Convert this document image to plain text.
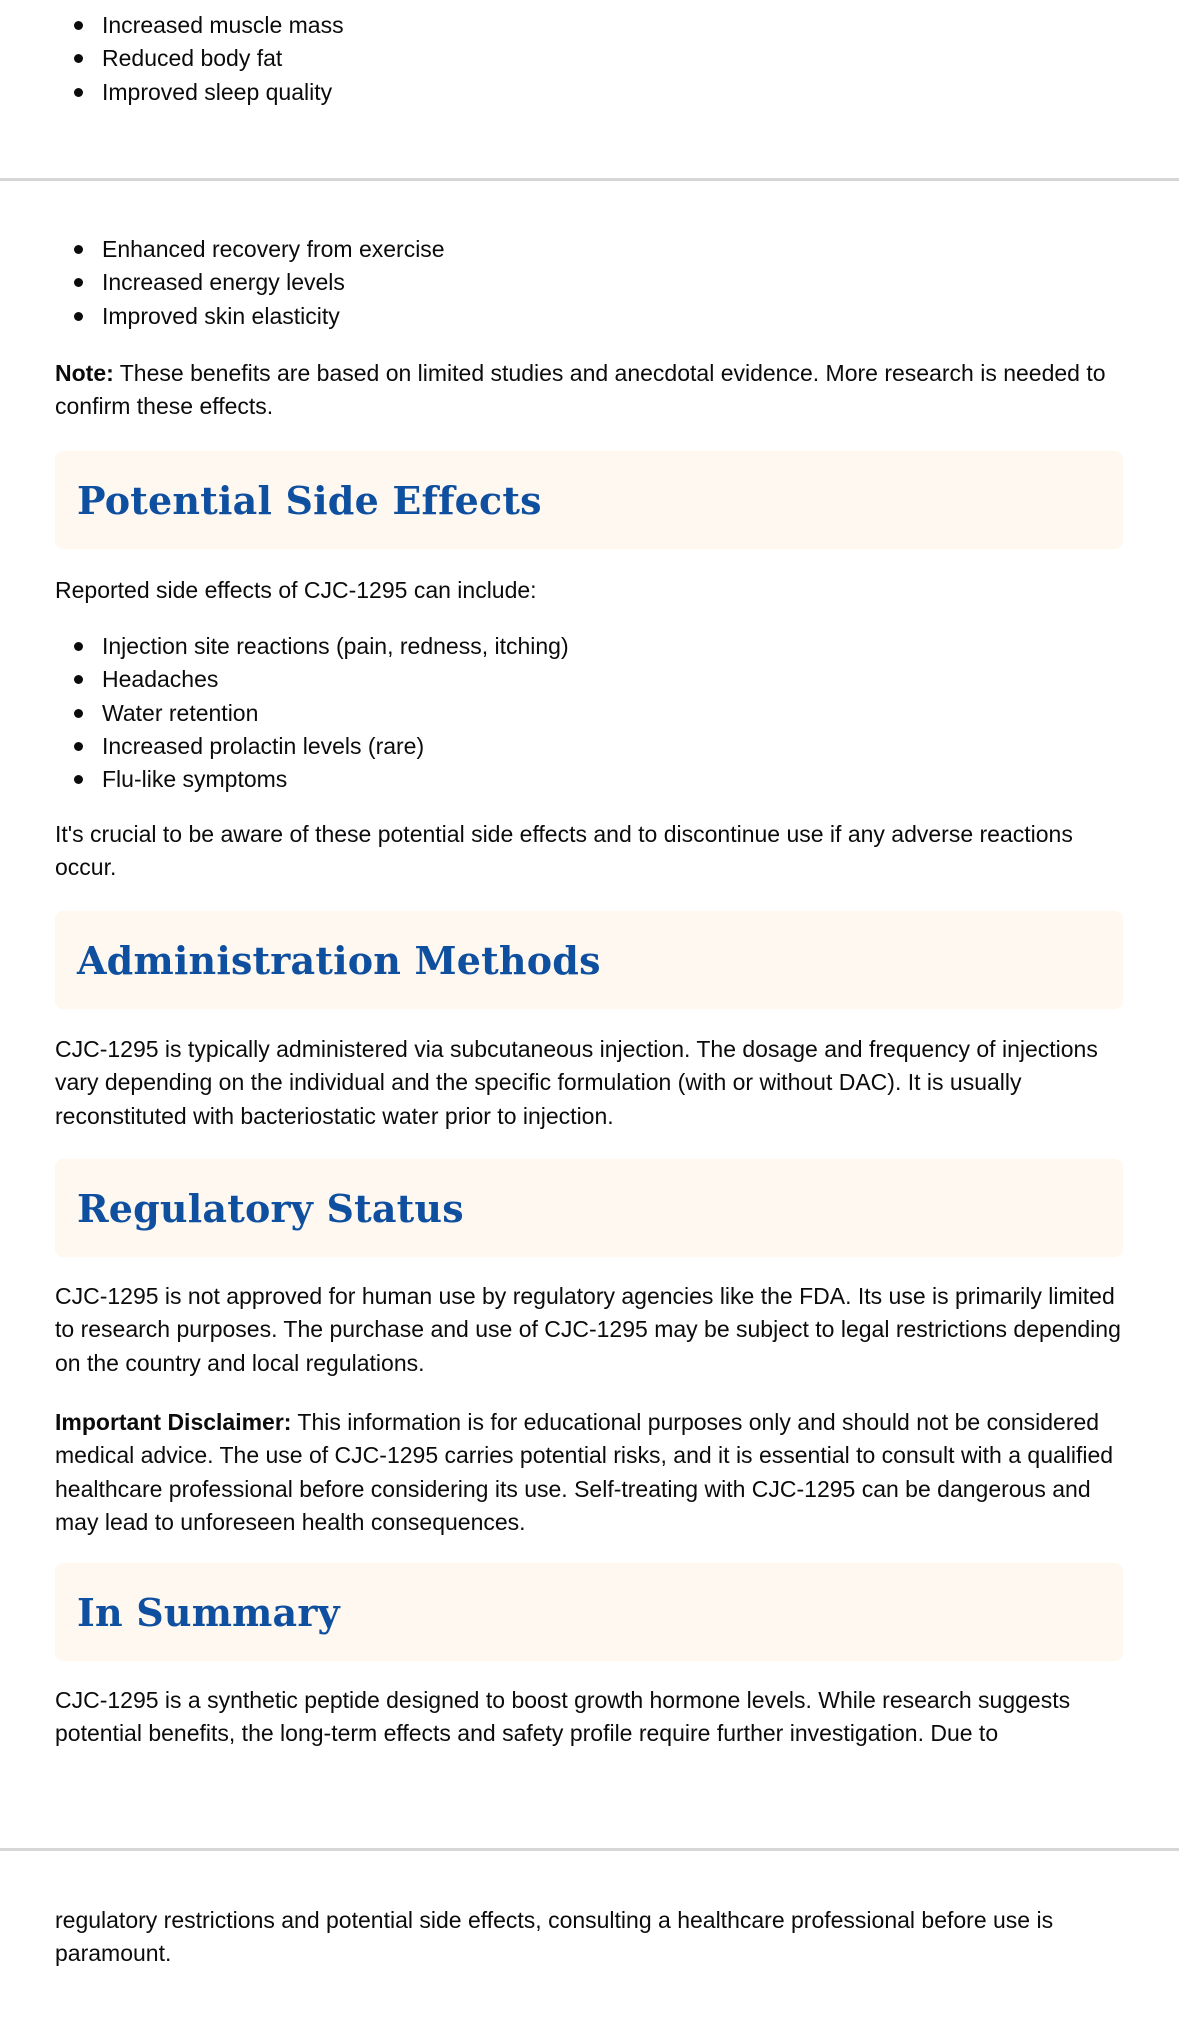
Increased muscle mass
Reduced body fat
Improved sleep quality
Enhanced recovery from exercise
Increased energy levels
Improved skin elasticity

Note: These benefits are based on limited studies and anecdotal evidence. More research is needed to confirm these effects.

Potential Side Effects

Reported side effects of CJC-1295 can include:

Injection site reactions (pain, redness, itching)
Headaches
Water retention
Increased prolactin levels (rare)
Flu-like symptoms

It's crucial to be aware of these potential side effects and to discontinue use if any adverse reactions occur.

Administration Methods

CJC-1295 is typically administered via subcutaneous injection. The dosage and frequency of injections vary depending on the individual and the specific formulation (with or without DAC). It is usually reconstituted with bacteriostatic water prior to injection.

Regulatory Status

CJC-1295 is not approved for human use by regulatory agencies like the FDA. Its use is primarily limited to research purposes. The purchase and use of CJC-1295 may be subject to legal restrictions depending on the country and local regulations.

Important Disclaimer: This information is for educational purposes only and should not be considered medical advice. The use of CJC-1295 carries potential risks, and it is essential to consult with a qualified healthcare professional before considering its use. Self-treating with CJC-1295 can be dangerous and may lead to unforeseen health consequences.

In Summary

CJC-1295 is a synthetic peptide designed to boost growth hormone levels. While research suggests potential benefits, the long-term effects and safety profile require further investigation. Due to

regulatory restrictions and potential side effects, consulting a healthcare professional before use is paramount.
